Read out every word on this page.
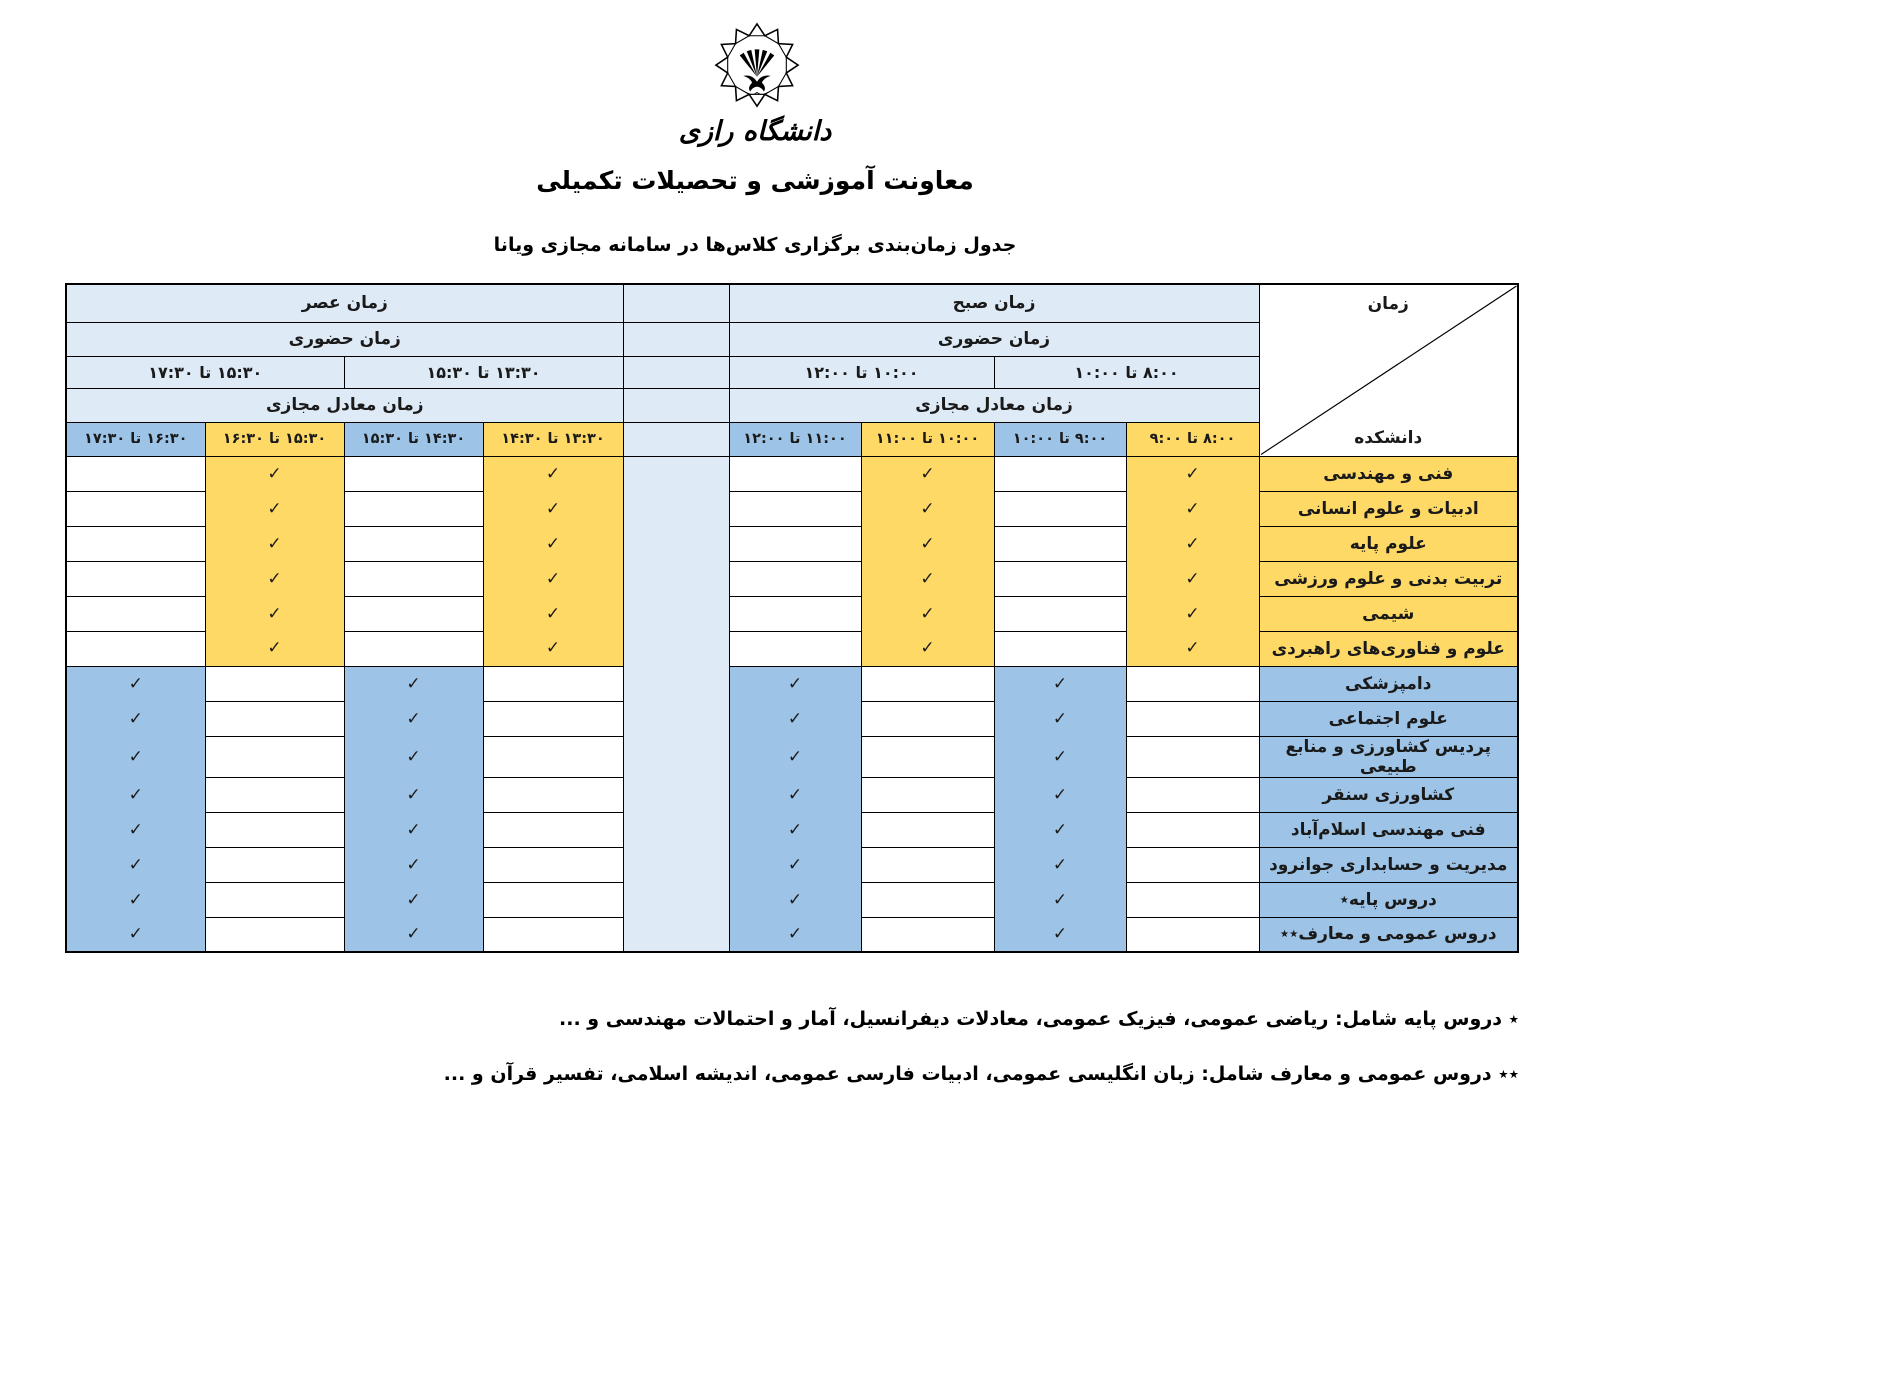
دانشگاه رازی
معاونت آموزشی و تحصیلات تکمیلی
جدول زمان‌بندی برگزاری کلاس‌ها در سامانه مجازی ویانا
زمان عصر					زمان صبح				زمان
دانشکده

زمان حضوری					زمان حضوری				
۱۵:۳۰ تا ۱۷:۳۰		۱۳:۳۰ تا ۱۵:۳۰			۱۰:۰۰ تا ۱۲:۰۰		۸:۰۰ تا ۱۰:۰۰		
زمان معادل مجازی					زمان معادل مجازی				
۱۶:۳۰ تا ۱۷:۳۰	۱۵:۳۰ تا ۱۶:۳۰	۱۴:۳۰ تا ۱۵:۳۰	۱۳:۳۰ تا ۱۴:۳۰		۱۱:۰۰ تا ۱۲:۰۰	۱۰:۰۰ تا ۱۱:۰۰	۹:۰۰ تا ۱۰:۰۰	۸:۰۰ تا ۹:۰۰	
	✓		✓			✓		✓	فنی و مهندسی
	✓		✓			✓		✓	ادبیات و علوم انسانی
	✓		✓			✓		✓	علوم پایه
	✓		✓			✓		✓	تربیت بدنی و علوم ورزشی
	✓		✓			✓		✓	شیمی
	✓		✓			✓		✓	علوم و فناوری‌های راهبردی
✓		✓			✓		✓		دامپزشکی
✓		✓			✓		✓		علوم اجتماعی
✓		✓			✓		✓		پردیس کشاورزی و منابع طبیعی
✓		✓			✓		✓		کشاورزی سنقر
✓		✓			✓		✓		فنی مهندسی اسلام‌آباد
✓		✓			✓		✓		مدیریت و حسابداری جوانرود
✓		✓			✓		✓		دروس پایه٭
✓		✓			✓		✓		دروس عمومی و معارف٭٭
٭ دروس پایه شامل: ریاضی عمومی، فیزیک عمومی، معادلات دیفرانسیل، آمار و احتمالات مهندسی و ...
٭٭ دروس عمومی و معارف شامل: زبان انگلیسی عمومی، ادبیات فارسی عمومی، اندیشه اسلامی، تفسیر قرآن و ...
